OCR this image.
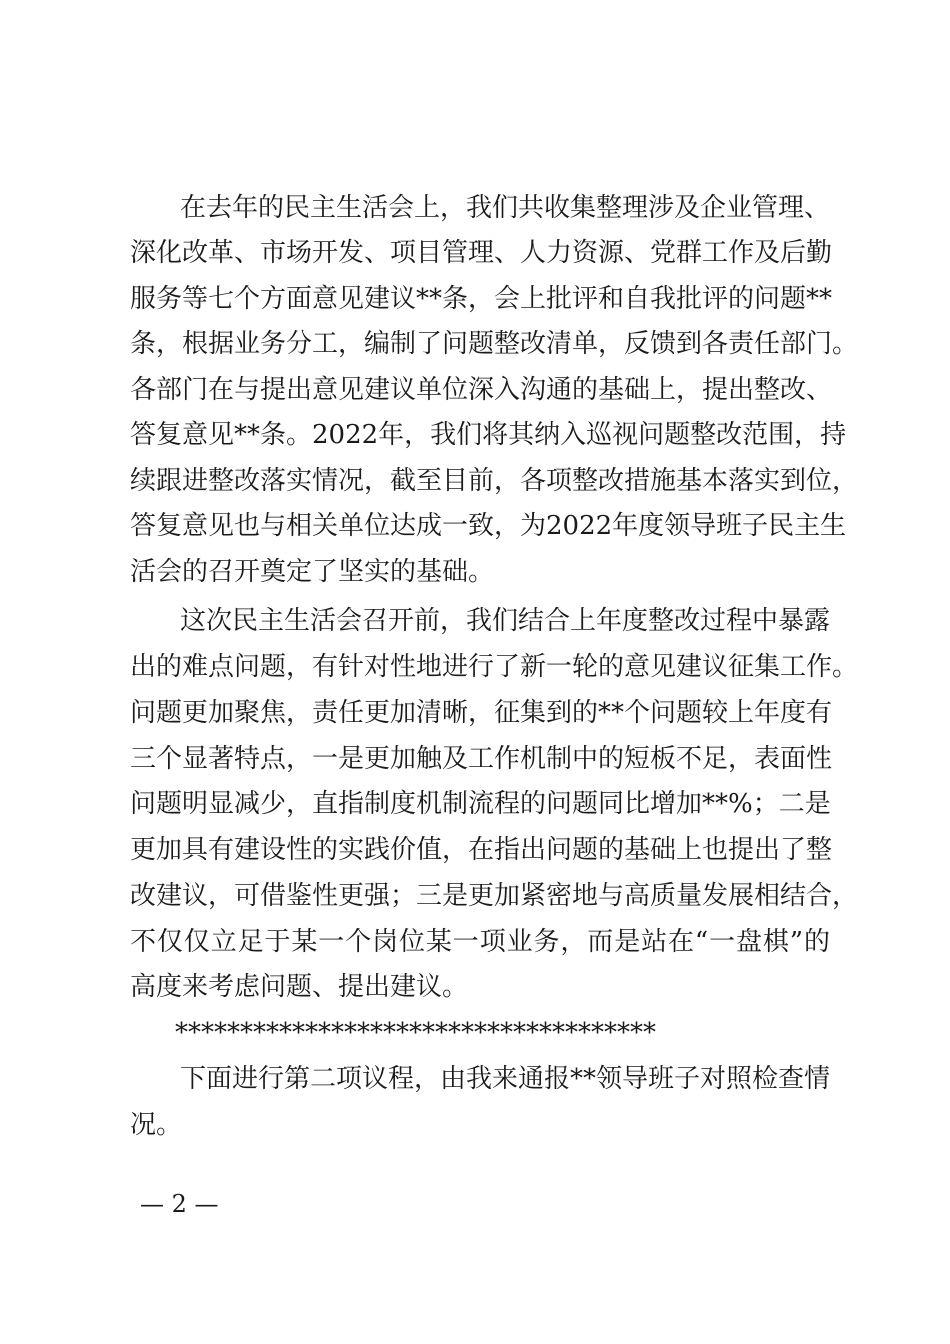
在去年的民主生活会上，我们共收集整理涉及企业管理、
深化改革、市场开发、项目管理、人力资源、党群工作及后勤
服务等七个方面意见建议**条，会上批评和自我批评的问题**
条，根据业务分工，编制了问题整改清单，反馈到各责任部门。
各部门在与提出意见建议单位深入沟通的基础上，提出整改、
答复意见**条。2022年，我们将其纳入巡视问题整改范围，持
续跟进整改落实情况，截至目前，各项整改措施基本落实到位，
答复意见也与相关单位达成一致，为2022年度领导班子民主生
活会的召开奠定了坚实的基础。
这次民主生活会召开前，我们结合上年度整改过程中暴露
出的难点问题，有针对性地进行了新一轮的意见建议征集工作。
问题更加聚焦，责任更加清晰，征集到的**个问题较上年度有
三个显著特点，一是更加触及工作机制中的短板不足，表面性
问题明显减少，直指制度机制流程的问题同比增加**%；二是
更加具有建设性的实践价值，在指出问题的基础上也提出了整
改建议，可借鉴性更强；三是更加紧密地与高质量发展相结合，
不仅仅立足于某一个岗位某一项业务，而是站在“一盘棋”的
高度来考虑问题、提出建议。
*************************************
下面进行第二项议程，由我来通报**领导班子对照检查情
况。
— 2 —
